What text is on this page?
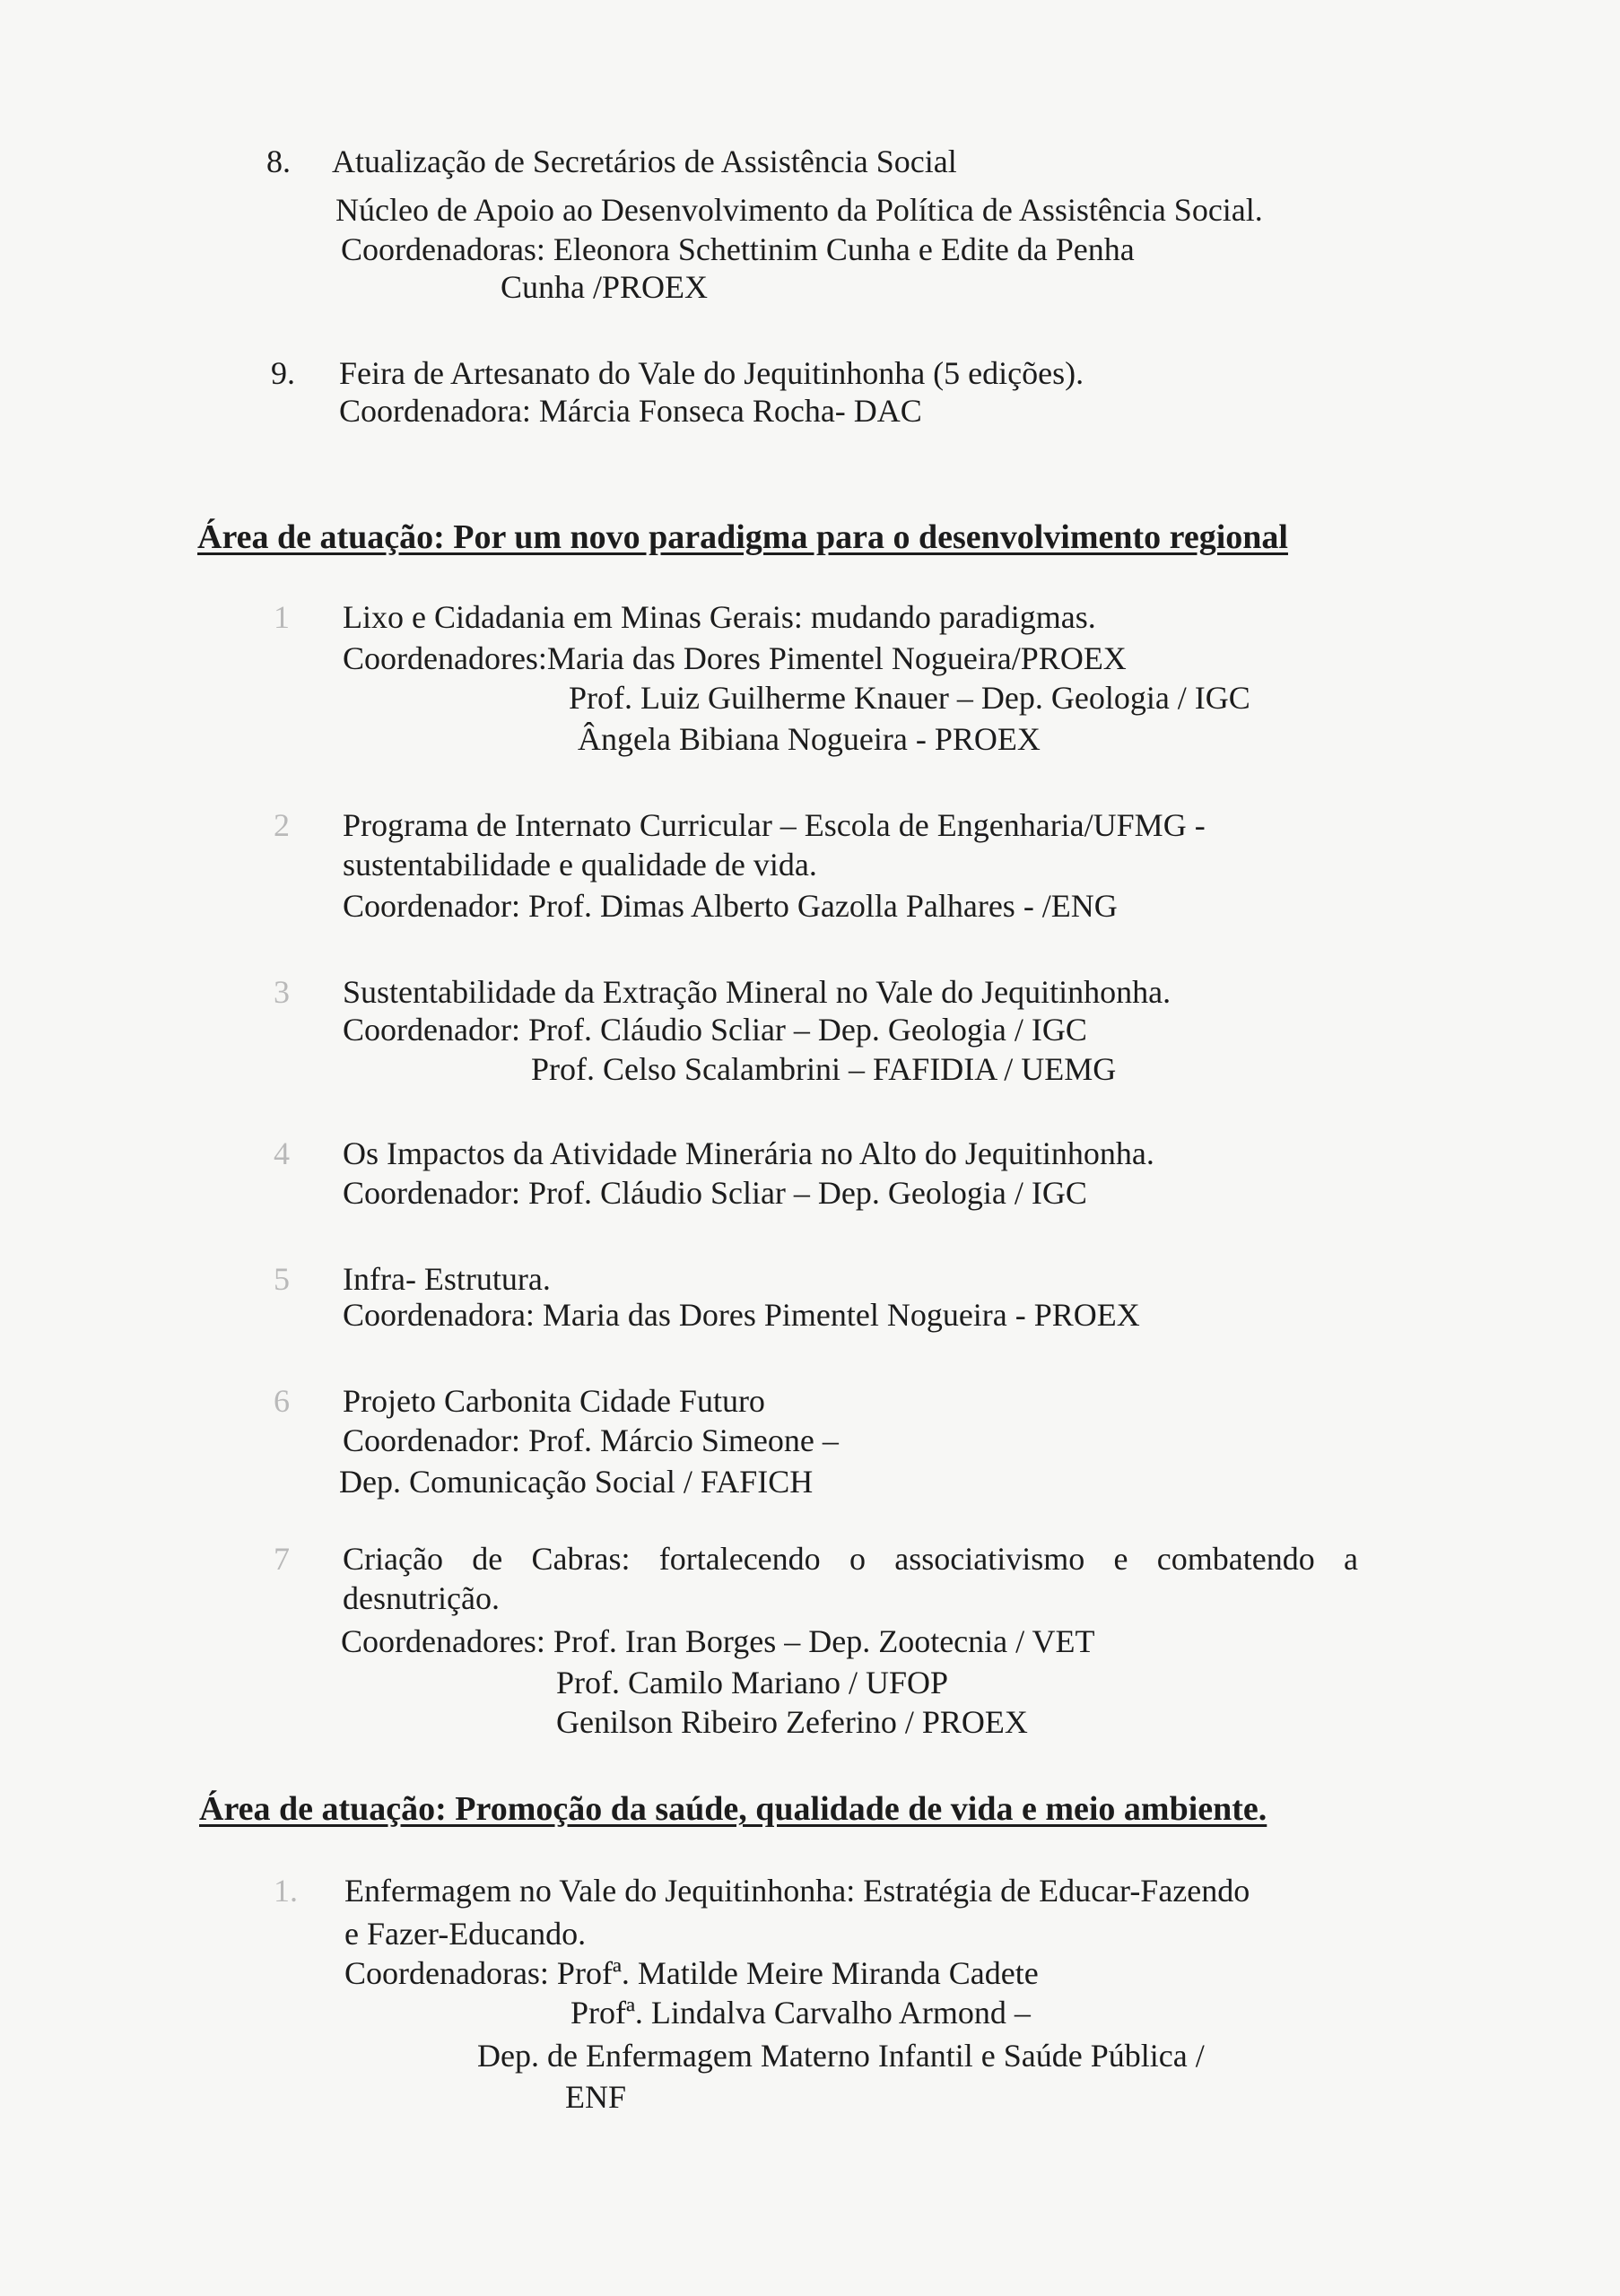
8. Atualização de Secretários de Assistência Social

Núcleo de Apoio ao Desenvolvimento da Política de Assistência Social.

Coordenadoras: Eleonora Schettinim Cunha e Edite da Penha

Cunha /PROEX

9. Feira de Artesanato do Vale do Jequitinhonha (5 edições).

Coordenadora: Márcia Fonseca Rocha- DAC

Área de atuação: Por um novo paradigma para o desenvolvimento regional
1 Lixo e Cidadania em Minas Gerais: mudando paradigmas.

Coordenadores:Maria das Dores Pimentel Nogueira/PROEX

Prof. Luiz Guilherme Knauer – Dep. Geologia / IGC

Ângela Bibiana Nogueira - PROEX

2 Programa de Internato Curricular – Escola de Engenharia/UFMG -

sustentabilidade e qualidade de vida.

Coordenador: Prof. Dimas Alberto Gazolla Palhares - /ENG

3 Sustentabilidade da Extração Mineral no Vale do Jequitinhonha.

Coordenador: Prof. Cláudio Scliar – Dep. Geologia / IGC

Prof. Celso Scalambrini – FAFIDIA / UEMG

4 Os Impactos da Atividade Minerária no Alto do Jequitinhonha.

Coordenador: Prof. Cláudio Scliar – Dep. Geologia / IGC

5 Infra- Estrutura.

Coordenadora: Maria das Dores Pimentel Nogueira - PROEX

6 Projeto Carbonita Cidade Futuro

Coordenador: Prof. Márcio Simeone –

Dep. Comunicação Social / FAFICH

7 Criação de Cabras: fortalecendo o associativismo e combatendo a

desnutrição.

Coordenadores: Prof. Iran Borges – Dep. Zootecnia / VET

Prof. Camilo Mariano / UFOP

Genilson Ribeiro Zeferino / PROEX

Área de atuação: Promoção da saúde, qualidade de vida e meio ambiente.
1. Enfermagem no Vale do Jequitinhonha: Estratégia de Educar-Fazendo

e Fazer-Educando.

Coordenadoras: Profª. Matilde Meire Miranda Cadete

Profª. Lindalva Carvalho Armond –

Dep. de Enfermagem Materno Infantil e Saúde Pública /

ENF
